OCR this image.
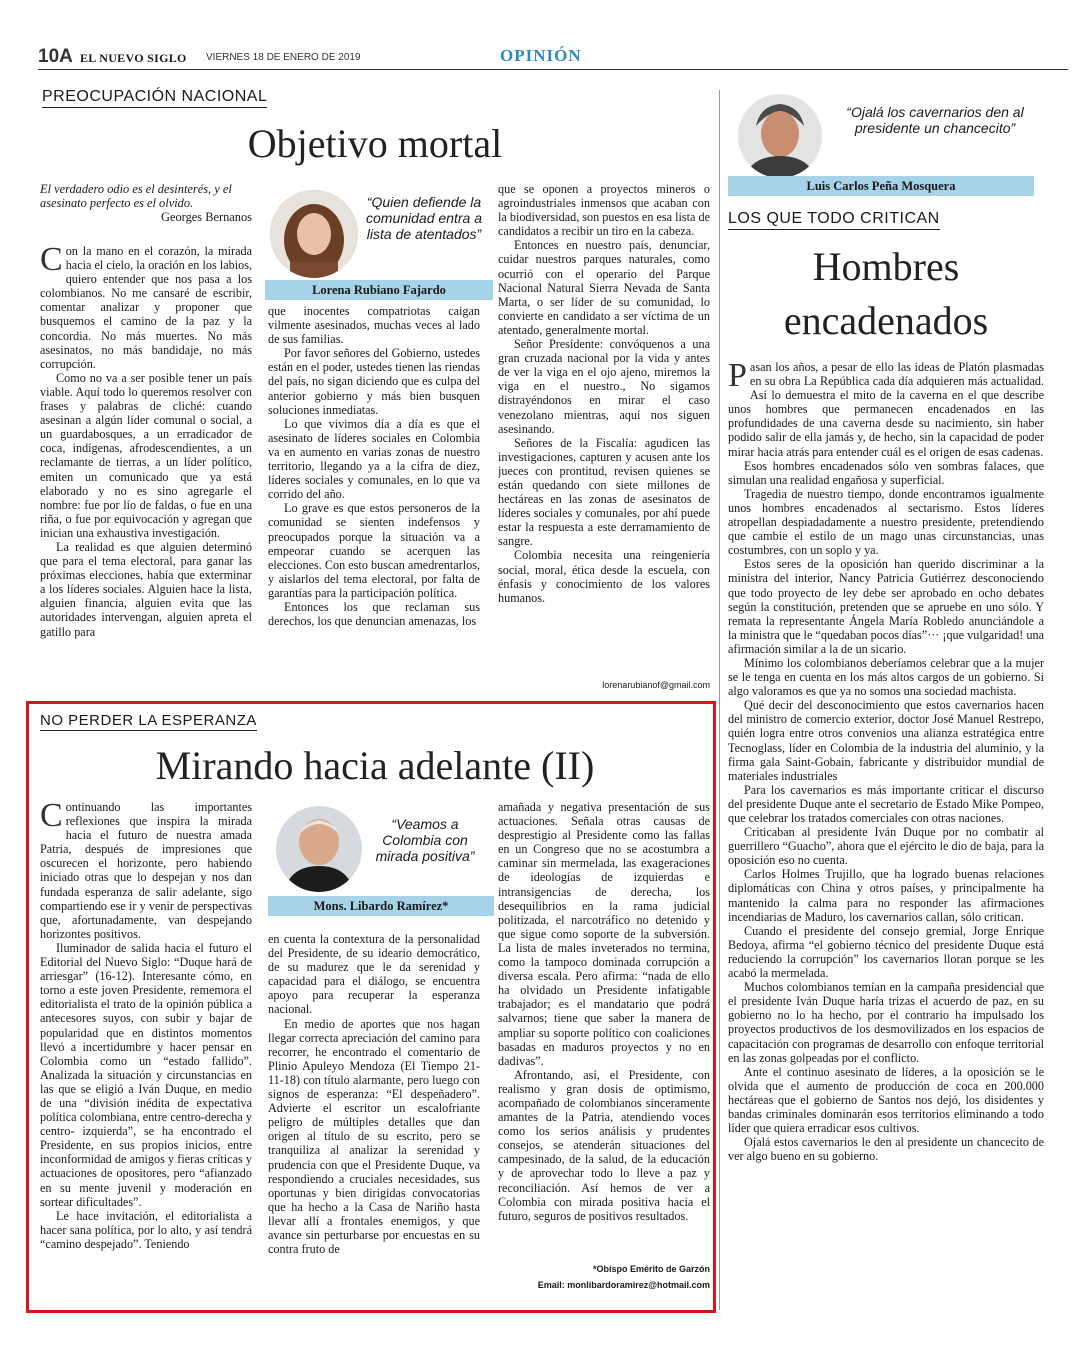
10A EL NUEVO SIGLO VIERNES 18 DE ENERO DE 2019	OPINIÓN
PREOCUPACIÓN NACIONAL
Objetivo mortal
El verdadero odio es el desinterés, y el asesinato perfecto es el olvido.
Georges Bernanos

Con la mano en el corazón, la mirada hacia el cielo, la oración en los labios, quiero entender que nos pasa a los colombianos. No me cansaré de escribir, comentar analizar y proponer que busquemos el camino de la paz y la concordia. No más muertes. No más asesinatos, no más bandidaje, no más corrupción.

Como no va a ser posible tener un país viable. Aquí todo lo queremos resolver con frases y palabras de cliché: cuando asesinan a algún líder comunal o social, a un guardabosques, a un erradicador de coca, indígenas, afrodescendientes, a un reclamante de tierras, a un líder político, emiten un comunicado que ya está elaborado y no es sino agregarle el nombre: fue por lío de faldas, o fue en una riña, o fue por equivocación y agregan que inician una exhaustiva investigación.

La realidad es que alguien determinó que para el tema electoral, para ganar las próximas elecciones, había que exterminar a los líderes sociales. Alguien hace la lista, alguien financia, alguien evita que las autoridades intervengan, alguien apreta el gatillo para

“Quien defiende la comunidad entra a lista de atentados”
Lorena Rubiano Fajardo

que inocentes compatriotas caigan vilmente asesinados, muchas veces al lado de sus familias.

Por favor señores del Gobierno, ustedes están en el poder, ustedes tienen las riendas del país, no sigan diciendo que es culpa del anterior gobierno y más bien busquen soluciones inmediatas.

Lo que vivimos día a día es que el asesinato de líderes sociales en Colombia va en aumento en varias zonas de nuestro territorio, llegando ya a la cifra de diez, líderes sociales y comunales, en lo que va corrido del año.

Lo grave es que estos personeros de la comunidad se sienten indefensos y preocupados porque la situación va a empeorar cuando se acerquen las elecciones. Con esto buscan amedrentarlos, y aislarlos del tema electoral, por falta de garantías para la participación política.

Entonces los que reclaman sus derechos, los que denuncian amenazas, los

que se oponen a proyectos mineros o agroindustriales inmensos que acaban con la biodiversidad, son puestos en esa lista de candidatos a recibir un tiro en la cabeza.

Entonces en nuestro país, denunciar, cuidar nuestros parques naturales, como ocurrió con el operario del Parque Nacional Natural Sierra Nevada de Santa Marta, o ser líder de su comunidad, lo convierte en candidato a ser víctima de un atentado, generalmente mortal.

Señor Presidente: convóquenos a una gran cruzada nacional por la vida y antes de ver la viga en el ojo ajeno, miremos la viga en el nuestro., No sigamos distrayéndonos en mirar el caso venezolano mientras, aquí nos siguen asesinando.

Señores de la Fiscalía: agudicen las investigaciones, capturen y acusen ante los jueces con prontitud, revisen quienes se están quedando con siete millones de hectáreas en las zonas de asesinatos de líderes sociales y comunales, por ahí puede estar la respuesta a este derramamiento de sangre.

Colombia necesita una reingeniería social, moral, ética desde la escuela, con énfasis y conocimiento de los valores humanos.

lorenarubianof@gmail.com
NO PERDER LA ESPERANZA
Mirando hacia adelante (II)

Continuando las importantes reflexiones que inspira la mirada hacia el futuro de nuestra amada Patria, después de impresiones que oscurecen el horizonte, pero habiendo iniciado otras que lo despejan y nos dan fundada esperanza de salir adelante, sigo compartiendo ese ir y venir de perspectivas que, afortunadamente, van despejando horizontes positivos.

Iluminador de salida hacia el futuro el Editorial del Nuevo Siglo: “Duque hará de arriesgar” (16-12). Interesante cómo, en torno a este joven Presidente, rememora el editorialista el trato de la opinión pública a antecesores suyos, con subir y bajar de popularidad que en distintos momentos llevó a incertidumbre y hacer pensar en Colombia como un “estado fallido”. Analizada la situación y circunstancias en las que se eligió a Iván Duque, en medio de una “división inédita de expectativa política colombiana, entre centro-derecha y centro- izquierda”, se ha encontrado el Presidente, en sus propios inicios, entre inconformidad de amigos y fieras críticas y actuaciones de opositores, pero “afianzado en su mente juvenil y moderación en sortear dificultades”.

Le hace invitación, el editorialista a hacer sana política, por lo alto, y así tendrá “camino despejado”. Teniendo

“Veamos a Colombia con mirada positiva”
Mons. Libardo Ramírez*

en cuenta la contextura de la personalidad del Presidente, de su ideario democrático, de su madurez que le da serenidad y capacidad para el diálogo, se encuentra apoyo para recuperar la esperanza nacional.

En medio de aportes que nos hagan llegar correcta apreciación del camino para recorrer, he encontrado el comentario de Plinio Apuleyo Mendoza (El Tiempo 21-11-18) con título alarmante, pero luego con signos de esperanza: “El despeñadero”. Advierte el escritor un escalofriante peligro de múltiples detalles que dan origen al título de su escrito, pero se tranquiliza al analizar la serenidad y prudencia con que el Presidente Duque, va respondiendo a cruciales necesidades, sus oportunas y bien dirigidas convocatorias que ha hecho a la Casa de Nariño hasta llevar allí a frontales enemigos, y que avance sin perturbarse por encuestas en su contra fruto de

amañada y negativa presentación de sus actuaciones. Señala otras causas de desprestigio al Presidente como las fallas en un Congreso que no se acostumbra a caminar sin mermelada, las exageraciones de ideologías de izquierdas e intransigencias de derecha, los desequilibrios en la rama judicial politizada, el narcotráfico no detenido y que sigue como soporte de la subversión. La lista de males inveterados no termina, como la tampoco dominada corrupción a diversa escala. Pero afirma: “nada de ello ha olvidado un Presidente infatigable trabajador; es el mandatario que podrá salvarnos; tiene que saber la manera de ampliar su soporte político con coaliciones basadas en maduros proyectos y no en dadivas”.

Afrontando, así, el Presidente, con realismo y gran dosis de optimismo, acompañado de colombianos sinceramente amantes de la Patria, atendiendo voces como los serios análisis y prudentes consejos, se atenderán situaciones del campesinado, de la salud, de la educación y de aprovechar todo lo lleve a paz y reconciliación. Así hemos de ver a Colombia con mirada positiva hacia el futuro, seguros de positivos resultados.

*Obispo Emérito de Garzón
Email: monlibardoramirez@hotmail.com
“Ojalá los cavernarios den al presidente un chancecito”
Luis Carlos Peña Mosquera
LOS QUE TODO CRITICAN
Hombres
encadenados

Pasan los años, a pesar de ello las ideas de Platón plasmadas en su obra La República cada día adquieren más actualidad. Así lo demuestra el mito de la caverna en el que describe unos hombres que permanecen encadenados en las profundidades de una caverna desde su nacimiento, sin haber podido salir de ella jamás y, de hecho, sin la capacidad de poder mirar hacia atrás para entender cuál es el origen de esas cadenas.

Esos hombres encadenados sólo ven sombras falaces, que simulan una realidad engañosa y superficial.

Tragedia de nuestro tiempo, donde encontramos igualmente unos hombres encadenados al sectarismo. Estos líderes atropellan despiadadamente a nuestro presidente, pretendiendo que cambie el estilo de un mago unas circunstancias, unas costumbres, con un soplo y ya.

Estos seres de la oposición han querido discriminar a la ministra del interior, Nancy Patricia Gutiérrez desconociendo que todo proyecto de ley debe ser aprobado en ocho debates según la constitución, pretenden que se apruebe en uno sólo. Y remata la representante Ángela María Robledo anunciándole a la ministra que le “quedaban pocos días”··· ¡que vulgaridad! una afirmación similar a la de un sicario.

Mínimo los colombianos deberíamos celebrar que a la mujer se le tenga en cuenta en los más altos cargos de un gobierno. Si algo valoramos es que ya no somos una sociedad machista.

Qué decir del desconocimiento que estos cavernarios hacen del ministro de comercio exterior, doctor José Manuel Restrepo, quién logra entre otros convenios una alianza estratégica entre Tecnoglass, líder en Colombia de la industria del aluminio, y la firma gala Saint-Gobain, fabricante y distribuidor mundial de materiales industriales

Para los cavernarios es más importante criticar el discurso del presidente Duque ante el secretario de Estado Mike Pompeo, que celebrar los tratados comerciales con otras naciones.

Criticaban al presidente Iván Duque por no combatir al guerrillero “Guacho”, ahora que el ejército le dio de baja, para la oposición eso no cuenta.

Carlos Holmes Trujillo, que ha logrado buenas relaciones diplomáticas con China y otros países, y principalmente ha mantenido la calma para no responder las afirmaciones incendiarias de Maduro, los cavernarios callan, sólo critican.

Cuando el presidente del consejo gremial, Jorge Enrique Bedoya, afirma “el gobierno técnico del presidente Duque está reduciendo la corrupción” los cavernarios lloran porque se les acabó la mermelada.

Muchos colombianos temían en la campaña presidencial que el presidente Iván Duque haría trizas el acuerdo de paz, en su gobierno no lo ha hecho, por el contrario ha impulsado los proyectos productivos de los desmovilizados en los espacios de capacitación con programas de desarrollo con enfoque territorial en las zonas golpeadas por el conflicto.

Ante el continuo asesinato de líderes, a la oposición se le olvida que el aumento de producción de coca en 200.000 hectáreas que el gobierno de Santos nos dejó, los disidentes y bandas criminales dominarán esos territorios eliminando a todo líder que quiera erradicar esos cultivos.

Ojalá estos cavernarios le den al presidente un chancecito de ver algo bueno en su gobierno.
